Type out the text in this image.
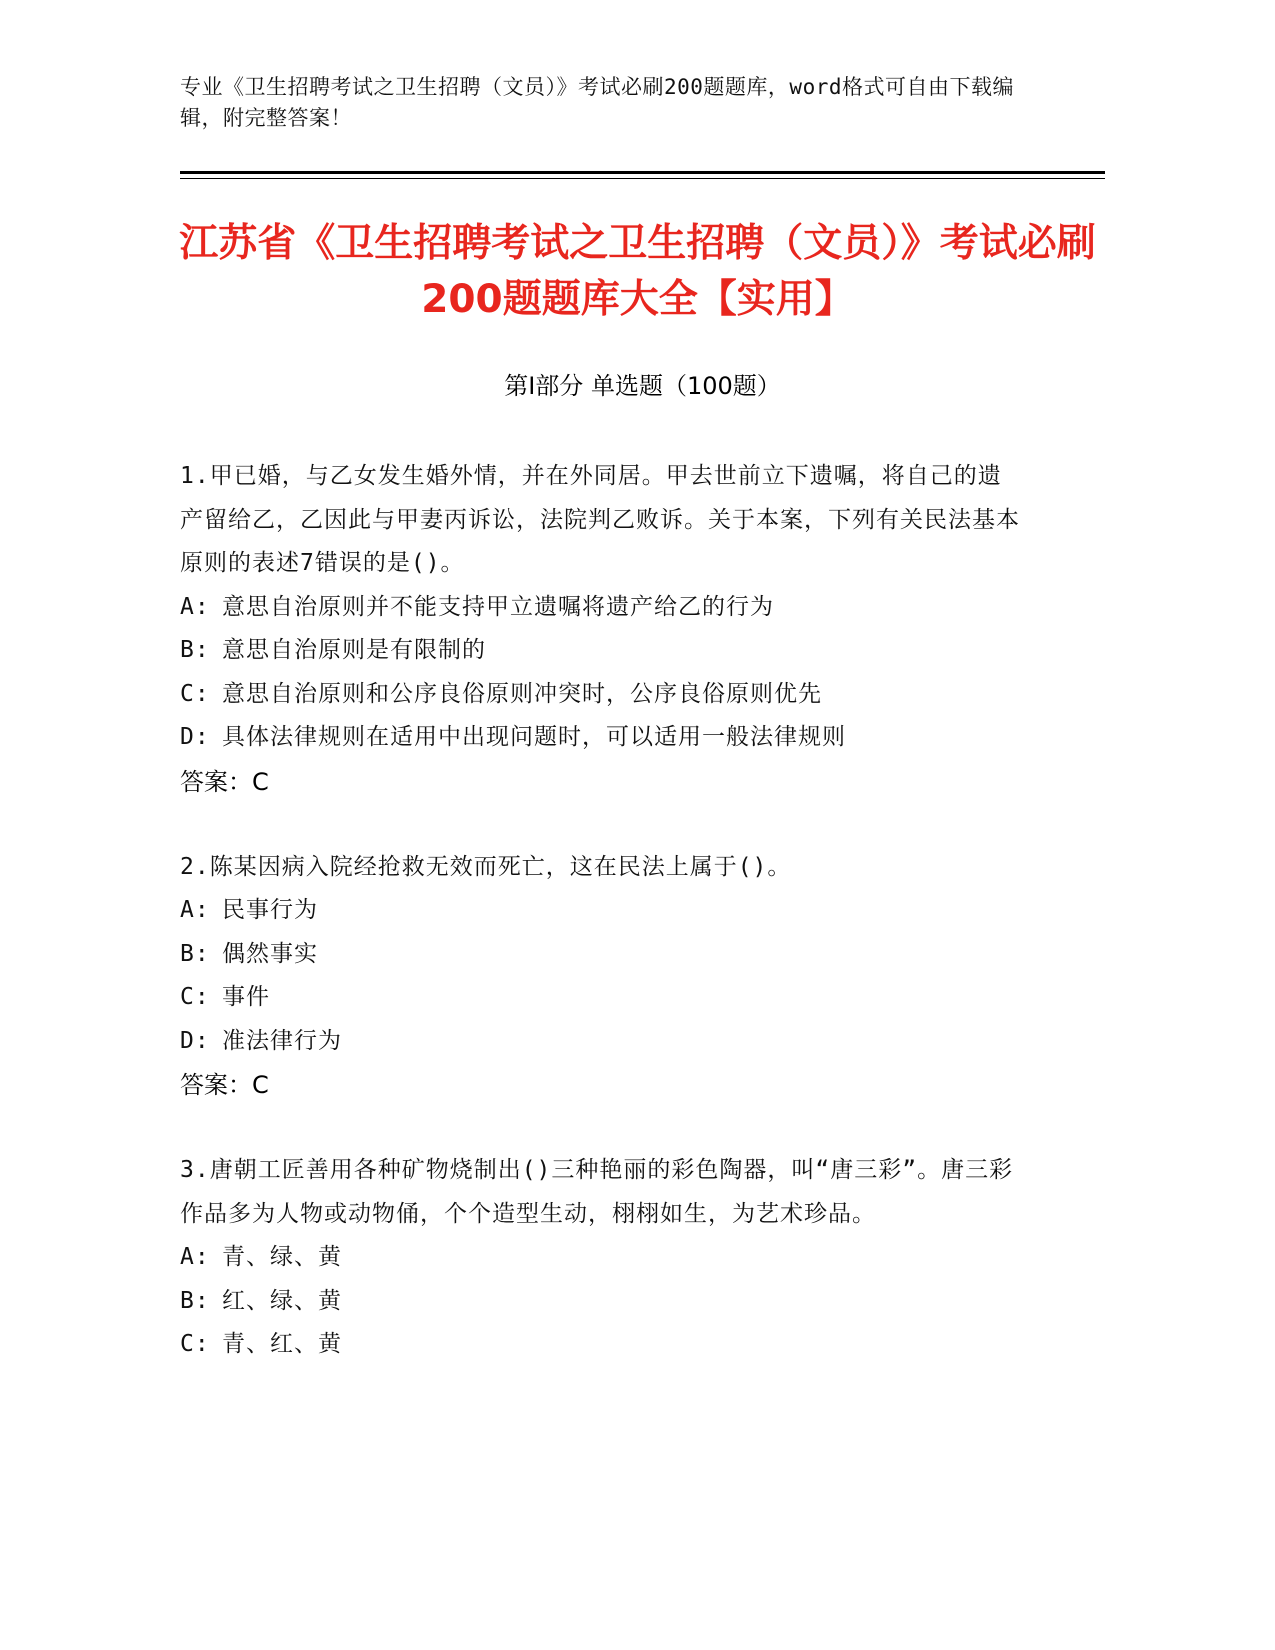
专业《卫生招聘考试之卫生招聘（文员）》考试必刷200题题库，word格式可自由下载编辑，附完整答案！
江苏省《卫生招聘考试之卫生招聘（文员）》考试必刷200题题库大全【实用】
第Ⅰ部分 单选题（100题）
1.甲已婚，与乙女发生婚外情，并在外同居。甲去世前立下遗嘱，将自己的遗产留给乙，乙因此与甲妻丙诉讼，法院判乙败诉。关于本案，下列有关民法基本原则的表述7错误的是()。
A: 意思自治原则并不能支持甲立遗嘱将遗产给乙的行为
B: 意思自治原则是有限制的
C: 意思自治原则和公序良俗原则冲突时，公序良俗原则优先
D: 具体法律规则在适用中出现问题时，可以适用一般法律规则
答案：C
2.陈某因病入院经抢救无效而死亡，这在民法上属于()。
A: 民事行为
B: 偶然事实
C: 事件
D: 准法律行为
答案：C
3.唐朝工匠善用各种矿物烧制出()三种艳丽的彩色陶器，叫“唐三彩”。唐三彩作品多为人物或动物俑，个个造型生动，栩栩如生，为艺术珍品。
A: 青、绿、黄
B: 红、绿、黄
C: 青、红、黄
